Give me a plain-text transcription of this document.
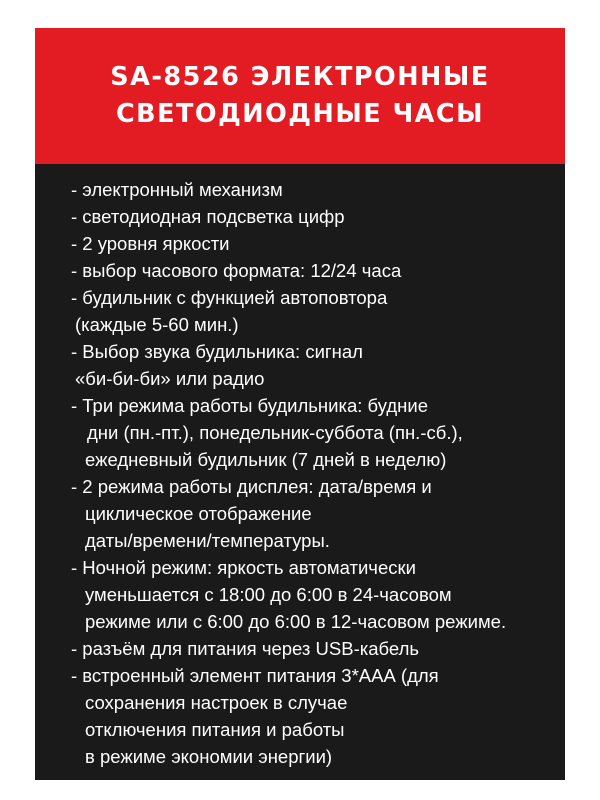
SA-8526 ЭЛЕКТРОННЫЕ
СВЕТОДИОДНЫЕ ЧАСЫ
- электронный механизм
- светодиодная подсветка цифр
- 2 уровня яркости
- выбор часового формата: 12/24 часа
- будильник с функцией автоповтора
(каждые 5-60 мин.)
- Выбор звука будильника: сигнал
«би-би-би» или радио
- Три режима работы будильника: будние
дни (пн.-пт.), понедельник-суббота (пн.-сб.),
ежедневный будильник (7 дней в неделю)
- 2 режима работы дисплея: дата/время и
циклическое отображение
даты/времени/температуры.
- Ночной режим: яркость автоматически
уменьшается с 18:00 до 6:00 в 24-часовом
режиме или с 6:00 до 6:00 в 12-часовом режиме.
- разъём для питания через USB-кабель
- встроенный элемент питания 3*ААА (для
сохранения настроек в случае
отключения питания и работы
в режиме экономии энергии)
